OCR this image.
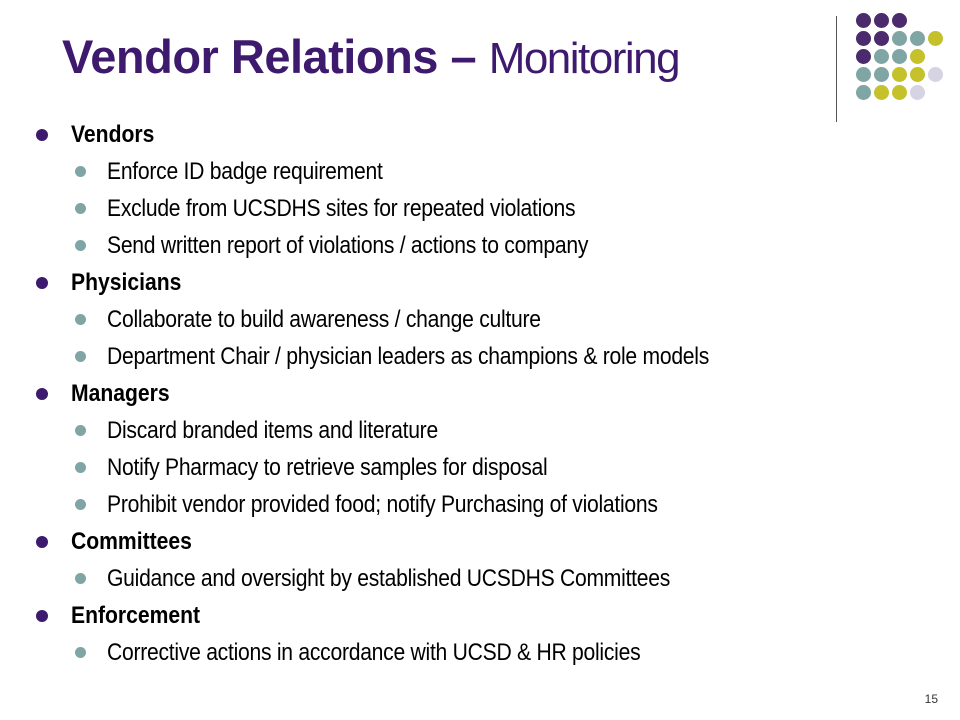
Vendor Relations – Monitoring
Vendors
Enforce ID badge requirement
Exclude from UCSDHS sites for repeated violations
Send written report of violations / actions to company
Physicians
Collaborate to build awareness / change culture
Department Chair / physician leaders as champions & role models
Managers
Discard branded items and literature
Notify Pharmacy to retrieve samples for disposal
Prohibit vendor provided food; notify Purchasing of violations
Committees
Guidance and oversight by established UCSDHS Committees
Enforcement
Corrective actions in accordance with UCSD & HR policies
15
